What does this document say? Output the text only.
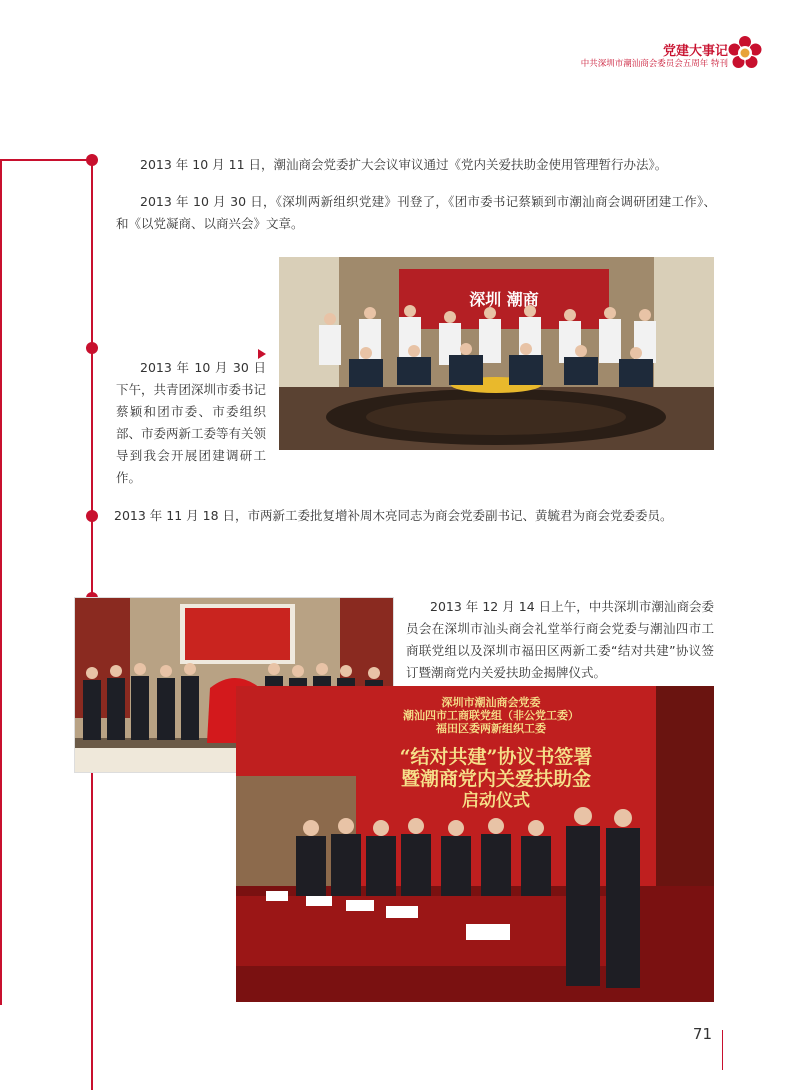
党建大事记
中共深圳市潮汕商会委员会五周年 特刊
2013 年 10 月 11 日，潮汕商会党委扩大会议审议通过《党内关爱扶助金使用管理暂行办法》。
2013 年 10 月 30 日，《深圳两新组织党建》刊登了，《团市委书记蔡颖到市潮汕商会调研团建工作》、和《以党凝商、以商兴会》文章。
深圳 潮商
2013 年 10 月 30 日 下午，共青团深圳市委书记蔡颖和团市委、市委组织部、市委两新工委等有关领导到我会开展团建调研工作。
2013 年 11 月 18 日，市两新工委批复增补周木亮同志为商会党委副书记、黄毓君为商会党委委员。
2013 年 12 月 14 日上午，中共深圳市潮汕商会委员会在深圳市汕头商会礼堂举行商会党委与潮汕四市工商联党组以及深圳市福田区两新工委“结对共建”协议签订暨潮商党内关爱扶助金揭牌仪式。
深圳市潮汕商会党委
潮汕四市工商联党组（非公党工委）
福田区委两新组织工委
“结对共建”协议书签署
暨潮商党内关爱扶助金
启动仪式
71
